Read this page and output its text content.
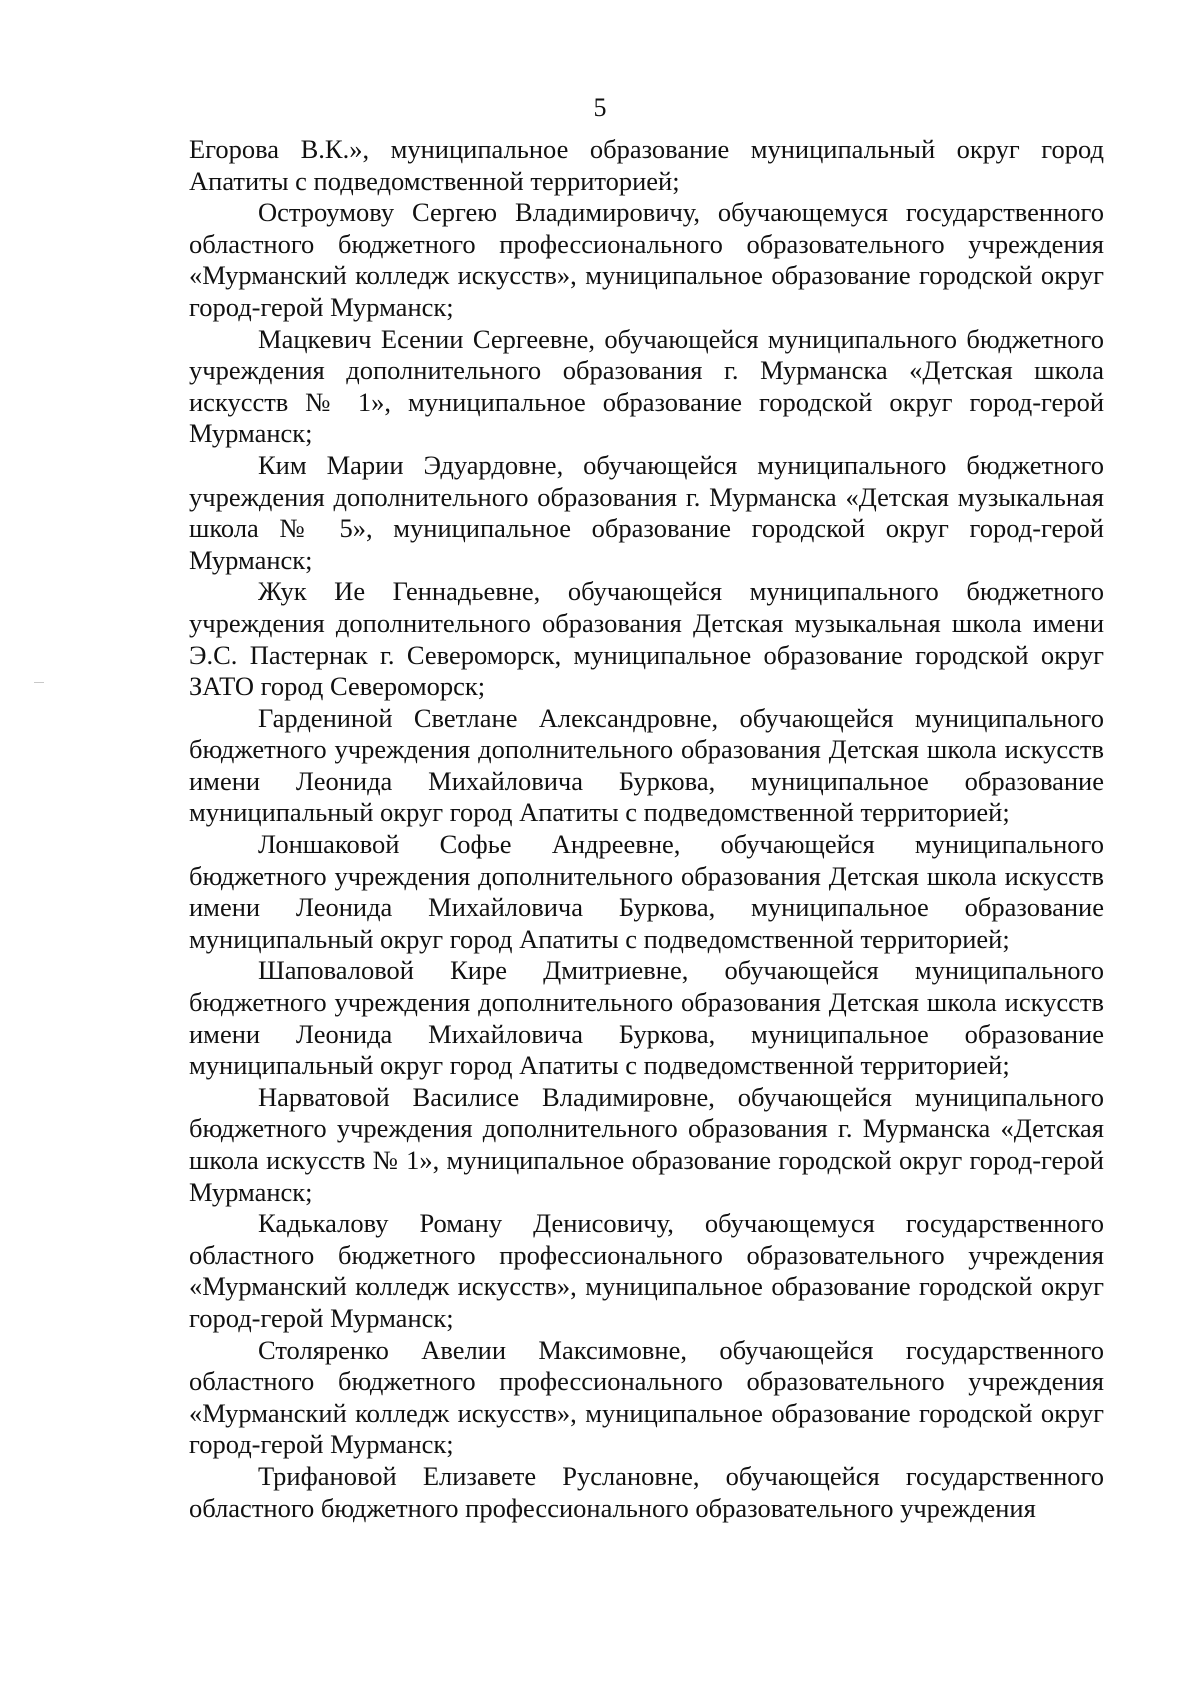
5

Егорова В.К.», муниципальное образование муниципальный округ город Апатиты с подведомственной территорией;

Остроумову Сергею Владимировичу, обучающемуся государственного областного бюджетного профессионального образовательного учреждения «Мурманский колледж искусств», муниципальное образование городской округ город-герой Мурманск;

Мацкевич Есении Сергеевне, обучающейся муниципального бюджетного учреждения дополнительного образования г. Мурманска «Детская школа искусств № 1», муниципальное образование городской округ город-герой Мурманск;

Ким Марии Эдуардовне, обучающейся муниципального бюджетного учреждения дополнительного образования г. Мурманска «Детская музыкальная школа № 5», муниципальное образование городской округ город-герой Мурманск;

Жук Ие Геннадьевне, обучающейся муниципального бюджетного учреждения дополнительного образования Детская музыкальная школа имени Э.С. Пастернак г. Североморск, муниципальное образование городской округ ЗАТО город Североморск;

Гардениной Светлане Александровне, обучающейся муниципального бюджетного учреждения дополнительного образования Детская школа искусств имени Леонида Михайловича Буркова, муниципальное образование муниципальный округ город Апатиты с подведомственной территорией;

Лоншаковой Софье Андреевне, обучающейся муниципального бюджетного учреждения дополнительного образования Детская школа искусств имени Леонида Михайловича Буркова, муниципальное образование муниципальный округ город Апатиты с подведомственной территорией;

Шаповаловой Кире Дмитриевне, обучающейся муниципального бюджетного учреждения дополнительного образования Детская школа искусств имени Леонида Михайловича Буркова, муниципальное образование муниципальный округ город Апатиты с подведомственной территорией;

Нарватовой Василисе Владимировне, обучающейся муниципального бюджетного учреждения дополнительного образования г. Мурманска «Детская школа искусств № 1», муниципальное образование городской округ город-герой Мурманск;

Кадькалову Роману Денисовичу, обучающемуся государственного областного бюджетного профессионального образовательного учреждения «Мурманский колледж искусств», муниципальное образование городской округ город-герой Мурманск;

Столяренко Авелии Максимовне, обучающейся государственного областного бюджетного профессионального образовательного учреждения «Мурманский колледж искусств», муниципальное образование городской округ город-герой Мурманск;

Трифановой Елизавете Руслановне, обучающейся государственного областного бюджетного профессионального образовательного учреждения
